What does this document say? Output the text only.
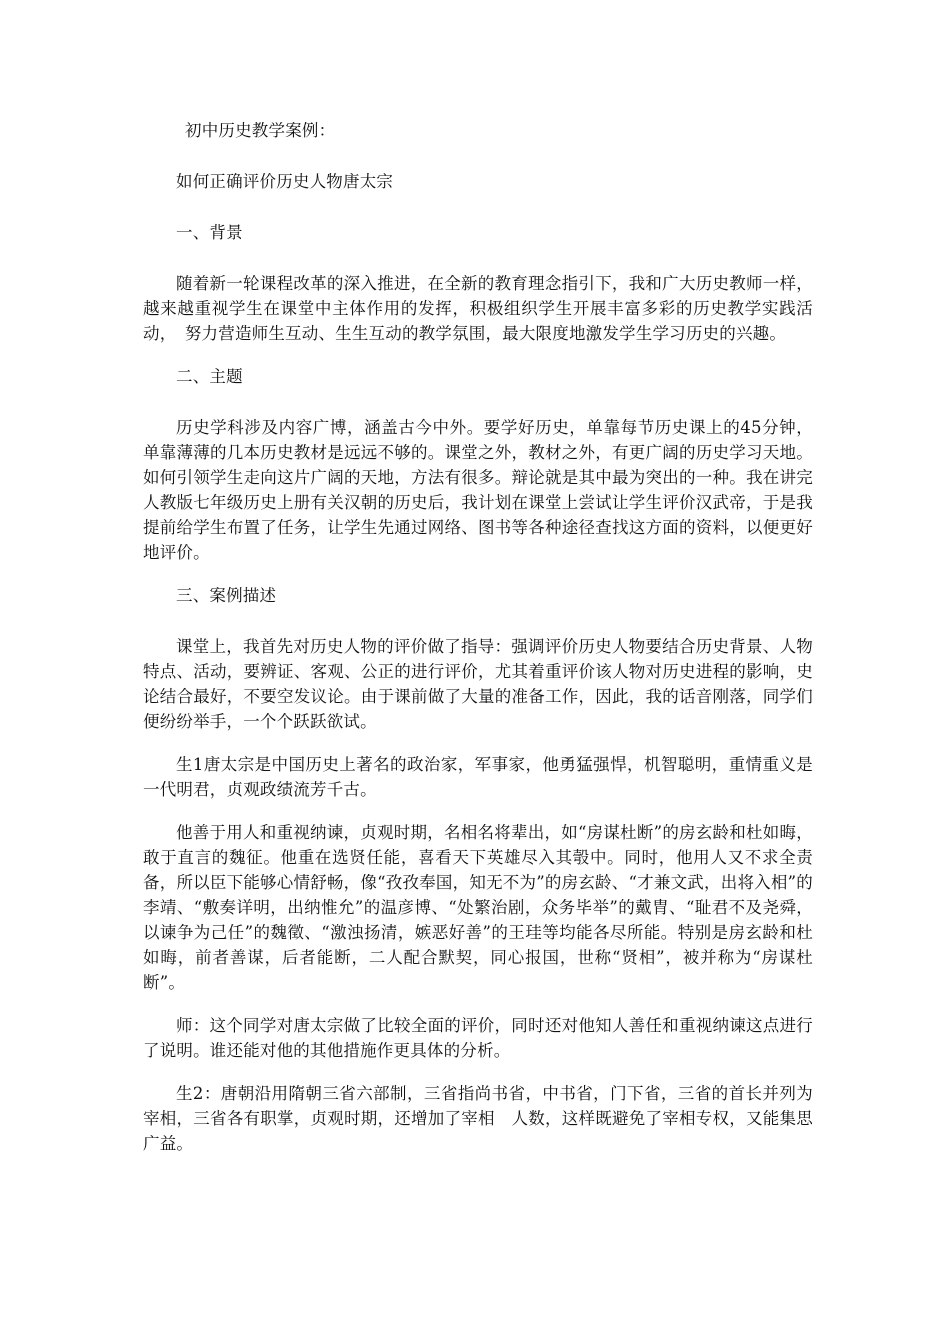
初中历史教学案例：

如何正确评价历史人物唐太宗

一、背景

随着新一轮课程改革的深入推进，在全新的教育理念指引下，我和广大历史教师一样，越来越重视学生在课堂中主体作用的发挥，积极组织学生开展丰富多彩的历史教学实践活动，　努力营造师生互动、生生互动的教学氛围，最大限度地激发学生学习历史的兴趣。

二、主题

历史学科涉及内容广博，涵盖古今中外。要学好历史，单靠每节历史课上的45分钟，单靠薄薄的几本历史教材是远远不够的。课堂之外，教材之外，有更广阔的历史学习天地。如何引领学生走向这片广阔的天地，方法有很多。辩论就是其中最为突出的一种。我在讲完人教版七年级历史上册有关汉朝的历史后，我计划在课堂上尝试让学生评价汉武帝，于是我提前给学生布置了任务，让学生先通过网络、图书等各种途径查找这方面的资料，以便更好地评价。

三、案例描述

课堂上，我首先对历史人物的评价做了指导：强调评价历史人物要结合历史背景、人物特点、活动，要辨证、客观、公正的进行评价，尤其着重评价该人物对历史进程的影响，史论结合最好，不要空发议论。由于课前做了大量的准备工作，因此，我的话音刚落，同学们便纷纷举手，一个个跃跃欲试。

生1唐太宗是中国历史上著名的政治家，军事家，他勇猛强悍，机智聪明，重情重义是一代明君，贞观政绩流芳千古。

他善于用人和重视纳谏，贞观时期，名相名将辈出，如“房谋杜断”的房玄龄和杜如晦，敢于直言的魏征。他重在选贤任能，喜看天下英雄尽入其彀中。同时，他用人又不求全责备，所以臣下能够心情舒畅，像“孜孜奉国，知无不为”的房玄龄、“才兼文武，出将入相”的李靖、“敷奏详明，出纳惟允”的温彦博、“处繁治剧，众务毕举”的戴胄、“耻君不及尧舜，以谏争为己任”的魏徵、“激浊扬清，嫉恶好善”的王珪等均能各尽所能。特别是房玄龄和杜如晦，前者善谋，后者能断，二人配合默契，同心报国，世称“贤相”，被并称为“房谋杜断”。

师：这个同学对唐太宗做了比较全面的评价，同时还对他知人善任和重视纳谏这点进行了说明。谁还能对他的其他措施作更具体的分析。

生2：唐朝沿用隋朝三省六部制，三省指尚书省，中书省，门下省，三省的首长并列为宰相，三省各有职掌，贞观时期，还增加了宰相　人数，这样既避免了宰相专权，又能集思广益。
